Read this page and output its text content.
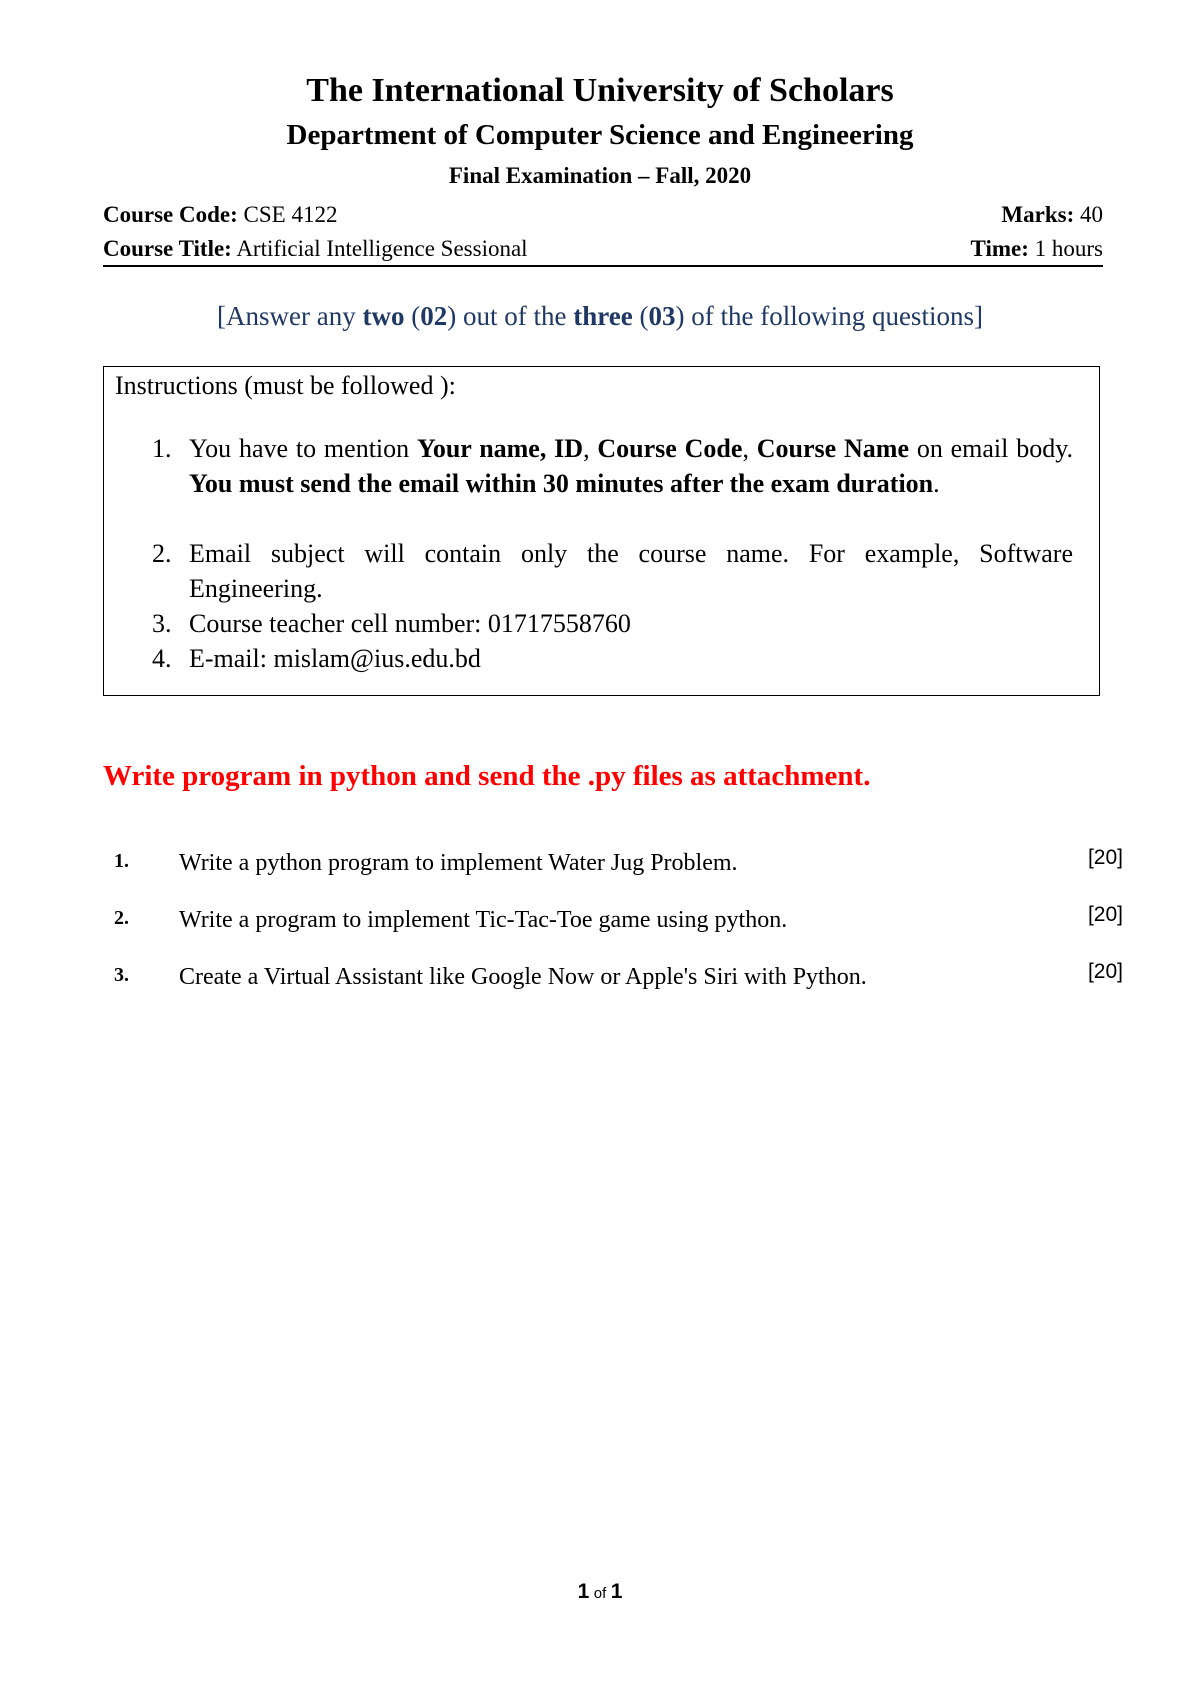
The International University of Scholars
Department of Computer Science and Engineering
Final Examination – Fall, 2020
Course Code: CSE 4122	Marks: 40
Course Title: Artificial Intelligence Sessional	Time: 1 hours
[Answer any two (02) out of the three (03) of the following questions]
Instructions (must be followed ):
1. You have to mention Your name, ID, Course Code, Course Name on email body. You must send the email within 30 minutes after the exam duration.
2. Email subject will contain only the course name. For example, Software Engineering.
3. Course teacher cell number: 01717558760
4. E-mail: mislam@ius.edu.bd
Write program in python and send the .py files as attachment.
1. Write a python program to implement Water Jug Problem.	[20]
2. Write a program to implement Tic-Tac-Toe game using python.	[20]
3. Create a Virtual Assistant like Google Now or Apple's Siri with Python.	[20]
1 of 1
